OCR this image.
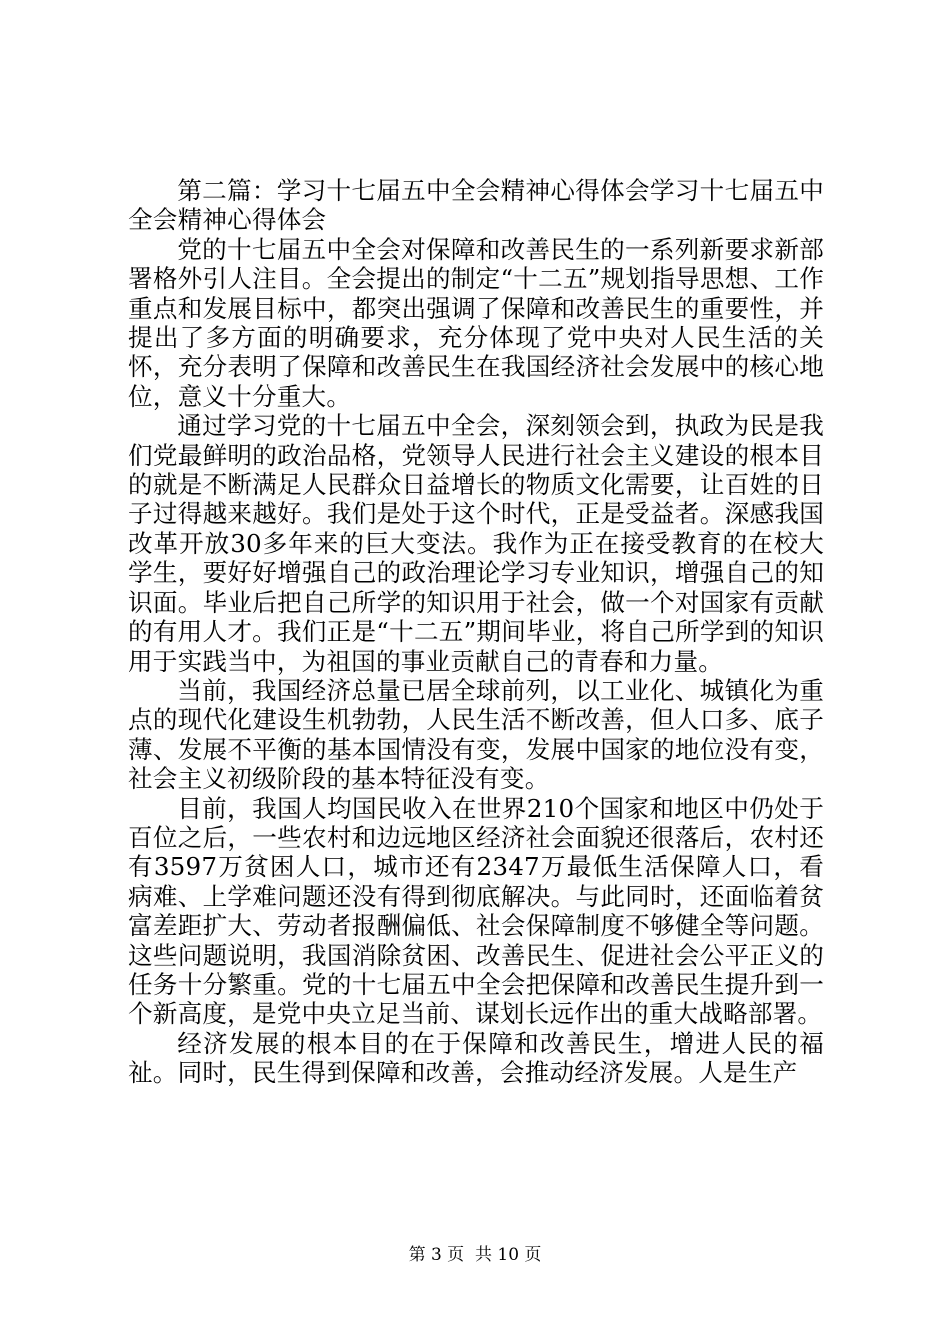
第二篇：学习十七届五中全会精神心得体会学习十七届五中全会精神心得体会

党的十七届五中全会对保障和改善民生的一系列新要求新部署格外引人注目。全会提出的制定“十二五”规划指导思想、工作重点和发展目标中，都突出强调了保障和改善民生的重要性，并提出了多方面的明确要求，充分体现了党中央对人民生活的关怀，充分表明了保障和改善民生在我国经济社会发展中的核心地位，意义十分重大。

通过学习党的十七届五中全会，深刻领会到，执政为民是我们党最鲜明的政治品格，党领导人民进行社会主义建设的根本目的就是不断满足人民群众日益增长的物质文化需要，让百姓的日子过得越来越好。我们是处于这个时代，正是受益者。深感我国改革开放30多年来的巨大变法。我作为正在接受教育的在校大学生，要好好增强自己的政治理论学习专业知识，增强自己的知识面。毕业后把自己所学的知识用于社会，做一个对国家有贡献的有用人才。我们正是“十二五”期间毕业，将自己所学到的知识用于实践当中，为祖国的事业贡献自己的青春和力量。

当前，我国经济总量已居全球前列，以工业化、城镇化为重点的现代化建设生机勃勃，人民生活不断改善，但人口多、底子薄、发展不平衡的基本国情没有变，发展中国家的地位没有变，社会主义初级阶段的基本特征没有变。

目前，我国人均国民收入在世界210个国家和地区中仍处于百位之后，一些农村和边远地区经济社会面貌还很落后，农村还有3597万贫困人口，城市还有2347万最低生活保障人口，看病难、上学难问题还没有得到彻底解决。与此同时，还面临着贫富差距扩大、劳动者报酬偏低、社会保障制度不够健全等问题。这些问题说明，我国消除贫困、改善民生、促进社会公平正义的任务十分繁重。党的十七届五中全会把保障和改善民生提升到一个新高度，是党中央立足当前、谋划长远作出的重大战略部署。

经济发展的根本目的在于保障和改善民生，增进人民的福祉。同时，民生得到保障和改善，会推动经济发展。人是生产

第 3 页  共 10 页
